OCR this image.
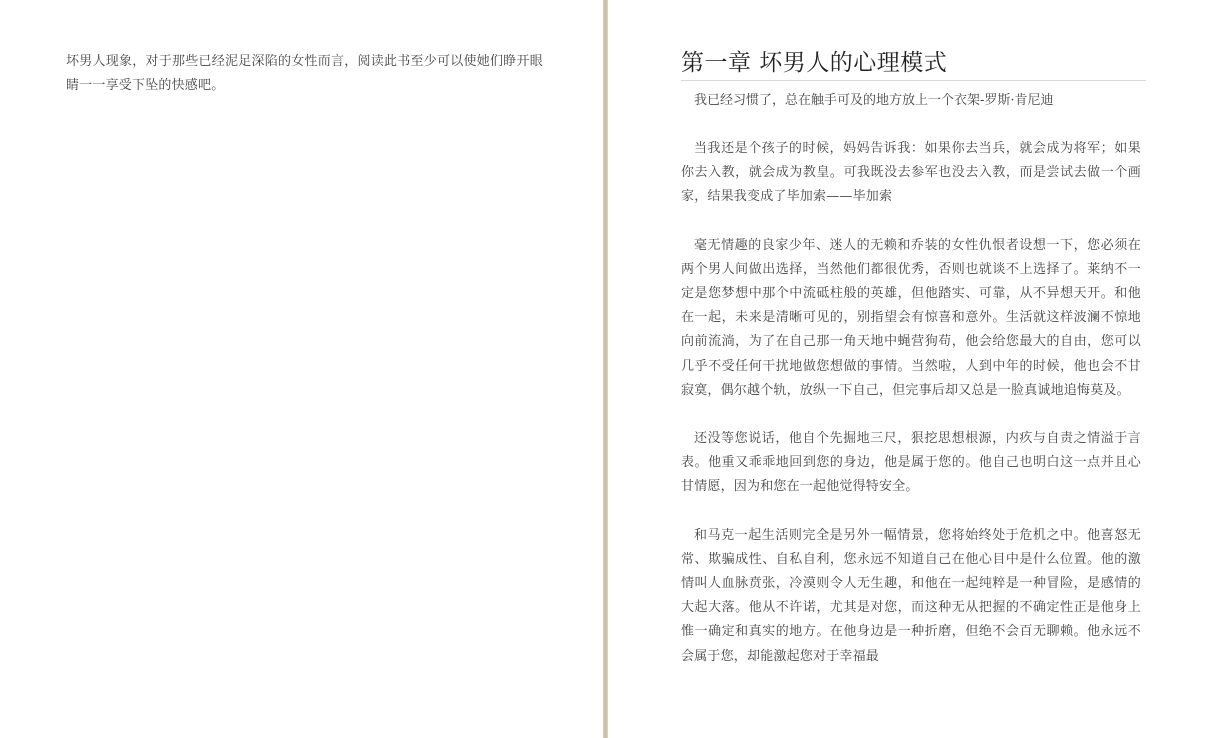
坏男人现象，对于那些已经泥足深陷的女性而言，阅读此书至少可以使她们睁开眼睛一一享受下坠的快感吧。

第一章 坏男人的心理模式

我已经习惯了，总在触手可及的地方放上一个衣架-罗斯·肯尼迪

当我还是个孩子的时候，妈妈告诉我：如果你去当兵，就会成为将军；如果你去入教，就会成为教皇。可我既没去参军也没去入教，而是尝试去做一个画家，结果我变成了毕加索——毕加索

毫无情趣的良家少年、迷人的无赖和乔装的女性仇恨者设想一下，您必须在两个男人间做出选择，当然他们都很优秀，否则也就谈不上选择了。莱纳不一定是您梦想中那个中流砥柱般的英雄，但他踏实、可靠，从不异想天开。和他在一起，未来是清晰可见的，别指望会有惊喜和意外。生活就这样波澜不惊地向前流淌，为了在自己那一角天地中蝇营狗苟，他会给您最大的自由，您可以几乎不受任何干扰地做您想做的事情。当然啦，人到中年的时候，他也会不甘寂寞，偶尔越个轨，放纵一下自己，但完事后却又总是一脸真诚地追悔莫及。

还没等您说话，他自个先掘地三尺，狠挖思想根源，内疚与自责之情溢于言表。他重又乖乖地回到您的身边，他是属于您的。他自己也明白这一点并且心甘情愿，因为和您在一起他觉得特安全。

和马克一起生活则完全是另外一幅情景，您将始终处于危机之中。他喜怒无常、欺骗成性、自私自利，您永远不知道自己在他心目中是什么位置。他的激情叫人血脉贲张，冷漠则令人无生趣，和他在一起纯粹是一种冒险，是感情的大起大落。他从不许诺，尤其是对您，而这种无从把握的不确定性正是他身上惟一确定和真实的地方。在他身边是一种折磨，但绝不会百无聊赖。他永远不会属于您，却能激起您对于幸福最
